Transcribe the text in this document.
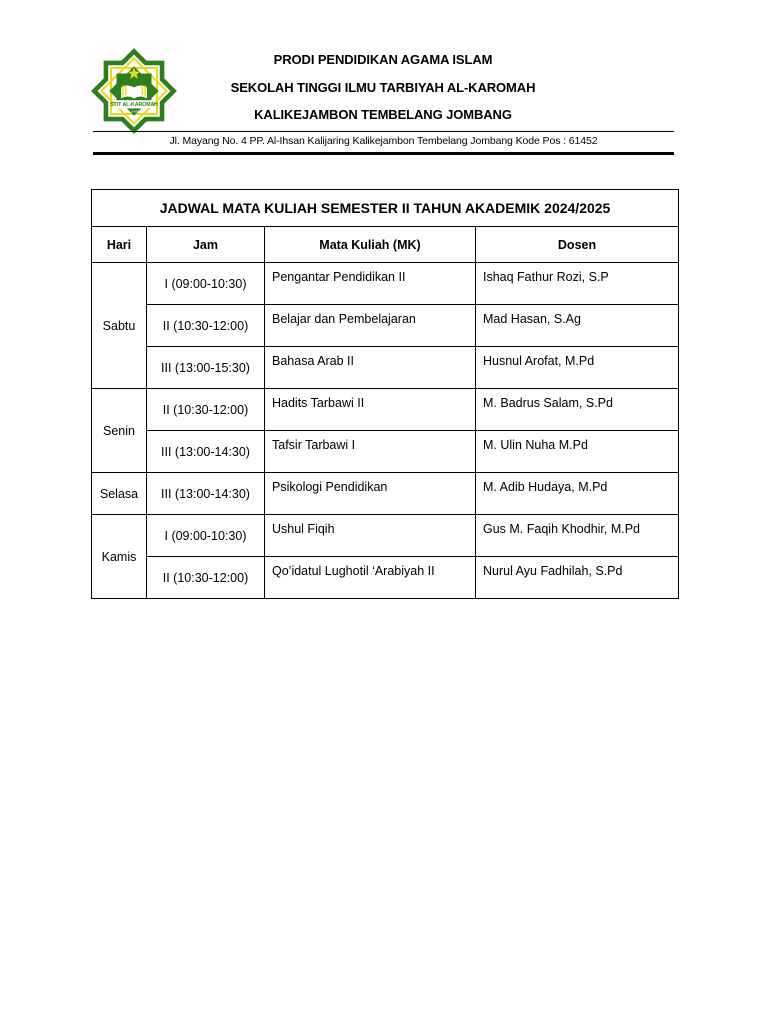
STIT AL-KAROMAH
KALIJARING
PRODI PENDIDIKAN AGAMA ISLAM
SEKOLAH TINGGI ILMU TARBIYAH AL-KAROMAH
KALIKEJAMBON TEMBELANG JOMBANG
Jl. Mayang No. 4 PP. Al-Ihsan Kalijaring Kalikejambon Tembelang Jombang Kode Pos : 61452
JADWAL MATA KULIAH SEMESTER II TAHUN AKADEMIK 2024/2025			
Hari	Jam	Mata Kuliah (MK)	Dosen
Sabtu	I (09:00-10:30)	Pengantar Pendidikan II	Ishaq Fathur Rozi, S.P
	II (10:30-12:00)	Belajar dan Pembelajaran	Mad Hasan, S.Ag
	III (13:00-15:30)	Bahasa Arab II	Husnul Arofat, M.Pd
Senin	II (10:30-12:00)	Hadits Tarbawi II	M. Badrus Salam, S.Pd
	III (13:00-14:30)	Tafsir Tarbawi I	M. Ulin Nuha M.Pd
Selasa	III (13:00-14:30)	Psikologi Pendidikan	M. Adib Hudaya, M.Pd
Kamis	I (09:00-10:30)	Ushul Fiqih	Gus M. Faqih Khodhir, M.Pd
	II (10:30-12:00)	Qo’idatul Lughotil ‘Arabiyah II	Nurul Ayu Fadhilah, S.Pd
